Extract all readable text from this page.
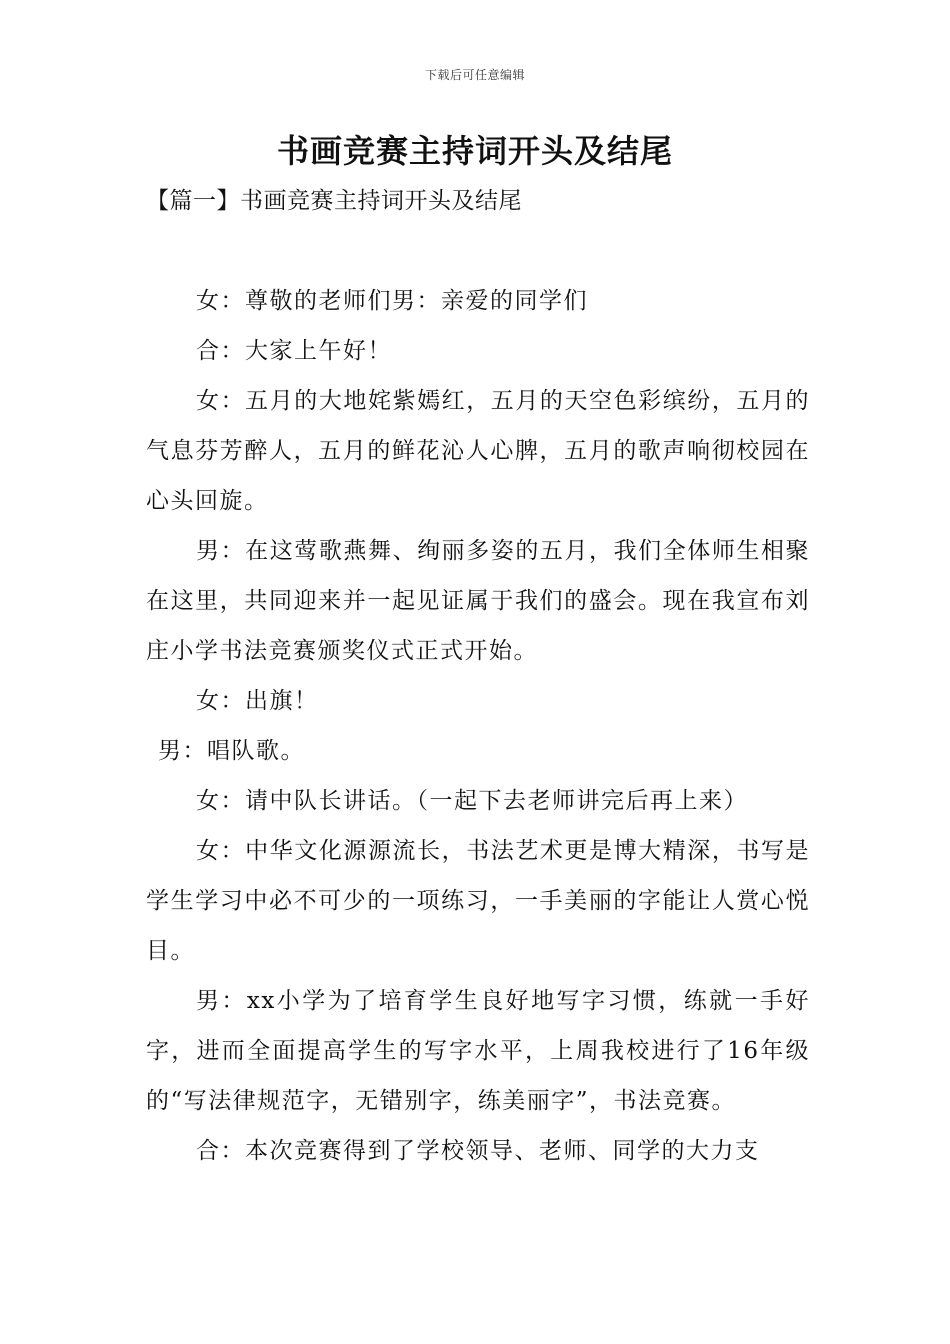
下载后可任意编辑
书画竞赛主持词开头及结尾
【篇一】书画竞赛主持词开头及结尾

女：尊敬的老师们男：亲爱的同学们

合：大家上午好！

女：五月的大地姹紫嫣红，五月的天空色彩缤纷，五月的气息芬芳醉人，五月的鲜花沁人心脾，五月的歌声响彻校园在心头回旋。

男：在这莺歌燕舞、绚丽多姿的五月，我们全体师生相聚在这里，共同迎来并一起见证属于我们的盛会。现在我宣布刘庄小学书法竞赛颁奖仪式正式开始。

女：出旗！

男：唱队歌。

女：请中队长讲话。（一起下去老师讲完后再上来）

女：中华文化源源流长，书法艺术更是博大精深，书写是学生学习中必不可少的一项练习，一手美丽的字能让人赏心悦目。

男：xx小学为了培育学生良好地写字习惯，练就一手好字，进而全面提高学生的写字水平，上周我校进行了16年级的“写法律规范字，无错别字，练美丽字”，书法竞赛。

合：本次竞赛得到了学校领导、老师、同学的大力支
